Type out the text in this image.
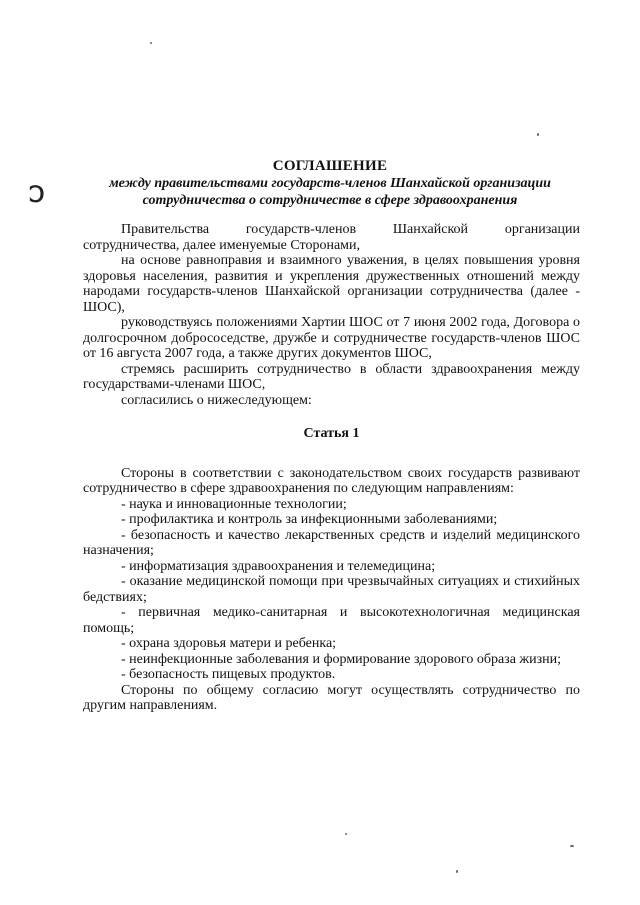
Ↄ
СОГЛАШЕНИЕ
между правительствами государств-членов Шанхайской организации
сотрудничества о сотрудничестве в сфере здравоохранения

Правительства государств-членов Шанхайской организации сотрудничества, далее именуемые Сторонами,

на основе равноправия и взаимного уважения, в целях повышения уровня здоровья населения, развития и укрепления дружественных отношений между народами государств-членов Шанхайской организации сотрудничества (далее - ШОС),

руководствуясь положениями Хартии ШОС от 7 июня 2002 года, Договора о долгосрочном добрососедстве, дружбе и сотрудничестве государств-членов ШОС от 16 августа 2007 года, а также других документов ШОС,

стремясь расширить сотрудничество в области здравоохранения между государствами-членами ШОС,

согласились о нижеследующем:

Статья 1

Стороны в соответствии с законодательством своих государств развивают сотрудничество в сфере здравоохранения по следующим направлениям:

- наука и инновационные технологии;

- профилактика и контроль за инфекционными заболеваниями;

- безопасность и качество лекарственных средств и изделий медицинского назначения;

- информатизация здравоохранения и телемедицина;

- оказание медицинской помощи при чрезвычайных ситуациях и стихийных бедствиях;

- первичная медико-санитарная и высокотехнологичная медицинская помощь;

- охрана здоровья матери и ребенка;

- неинфекционные заболевания и формирование здорового образа жизни;

- безопасность пищевых продуктов.

Стороны по общему согласию могут осуществлять сотрудничество по другим направлениям.
